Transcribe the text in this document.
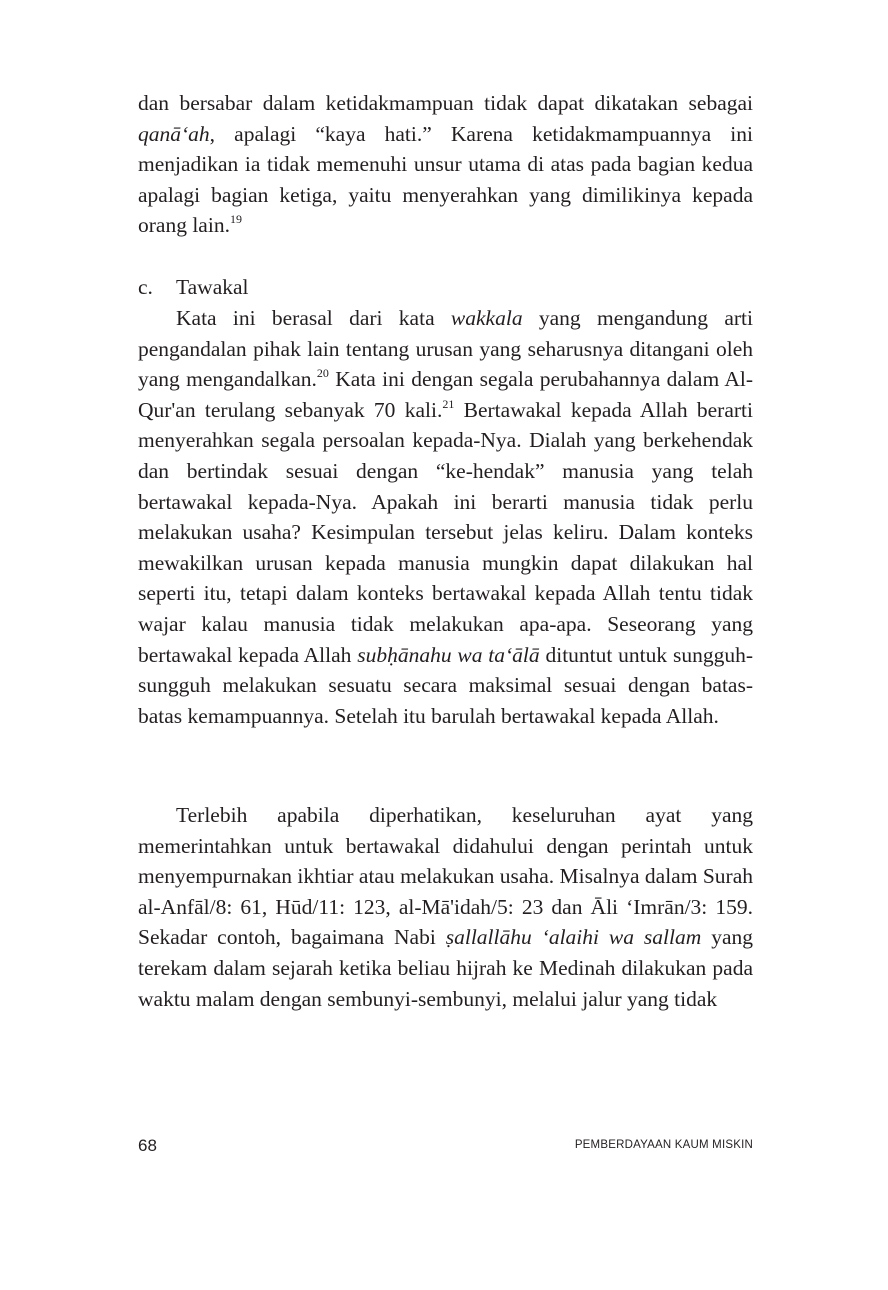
dan bersabar dalam ketidakmampuan tidak dapat dikatakan sebagai qanā‘ah, apalagi “kaya hati.” Karena ketidakmampuannya ini menjadikan ia tidak memenuhi unsur utama di atas pada bagian kedua apalagi bagian ketiga, yaitu menyerahkan yang dimilikinya kepada orang lain.$^{19}$

c. Tawakal

Kata ini berasal dari kata wakkala yang mengandung arti pengandalan pihak lain tentang urusan yang seharusnya ditangani oleh yang mengandalkan.$^{20}$ Kata ini dengan segala perubahannya dalam Al-Qur'an terulang sebanyak 70 kali.$^{21}$ Bertawakal kepada Allah berarti menyerahkan segala persoalan kepada-Nya. Dialah yang berkehendak dan bertindak sesuai dengan “ke-hendak” manusia yang telah bertawakal kepada-Nya. Apakah ini berarti manusia tidak perlu melakukan usaha? Kesimpulan tersebut jelas keliru. Dalam konteks mewakilkan urusan kepada manusia mungkin dapat dilakukan hal seperti itu, tetapi dalam konteks bertawakal kepada Allah tentu tidak wajar kalau manusia tidak melakukan apa-apa. Seseorang yang bertawakal kepada Allah subḥānahu wa ta‘ālā dituntut untuk sungguh-sungguh melakukan sesuatu secara maksimal sesuai dengan batas-batas kemampuannya. Setelah itu barulah bertawakal kepada Allah.

Terlebih apabila diperhatikan, keseluruhan ayat yang memerintahkan untuk bertawakal didahului dengan perintah untuk menyempurnakan ikhtiar atau melakukan usaha. Misalnya dalam Surah al-Anfāl/8: 61, Hūd/11: 123, al-Mā'idah/5: 23 dan Āli ‘Imrān/3: 159. Sekadar contoh, bagaimana Nabi ṣallallāhu ‘alaihi wa sallam yang terekam dalam sejarah ketika beliau hijrah ke Medinah dilakukan pada waktu malam dengan sembunyi-sembunyi, melalui jalur yang tidak

68	PEMBERDAYAAN KAUM MISKIN
